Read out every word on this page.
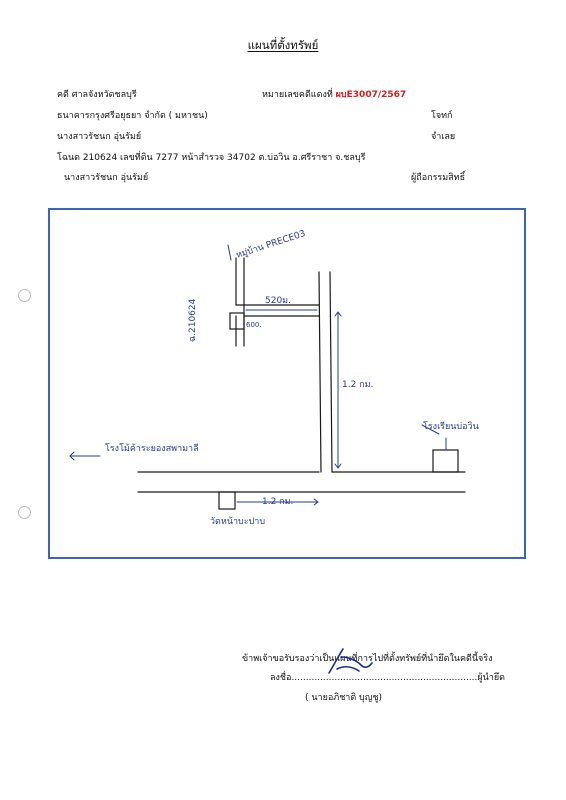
แผนที่ตั้งทรัพย์
คดี ศาลจังหวัดชลบุรี	หมายเลขคดีแดงที่ ผบE3007/2567
ธนาคารกรุงศรีอยุธยา จำกัด ( มหาชน)	โจทก์
นางสาวรัชนก อุ่นรัมย์	จำเลย
โฉนด 210624 เลขที่ดิน 7277 หน้าสำรวจ 34702 ต.บ่อวิน อ.ศรีราชา จ.ชลบุรี
นางสาวรัชนก อุ่นรัมย์	ผู้ถือกรรมสิทธิ์
หมู่บ้าน PRECE03
ฉ.210624	520ม.
600.
1.2 กม.
1.2 กม.
โรงเรียนบ่อวิน
โรงโม้ค้าระยองสพามาลี
วัดหน้าบะปาบ
ข้าพเจ้าขอรับรองว่าเป็นแผนที่การไปที่ตั้งทรัพย์ที่นำยึดในคดีนี้จริง
ลงชื่อ.................................................................ผู้นำยึด
( นายอภิชาติ บุญชู)
